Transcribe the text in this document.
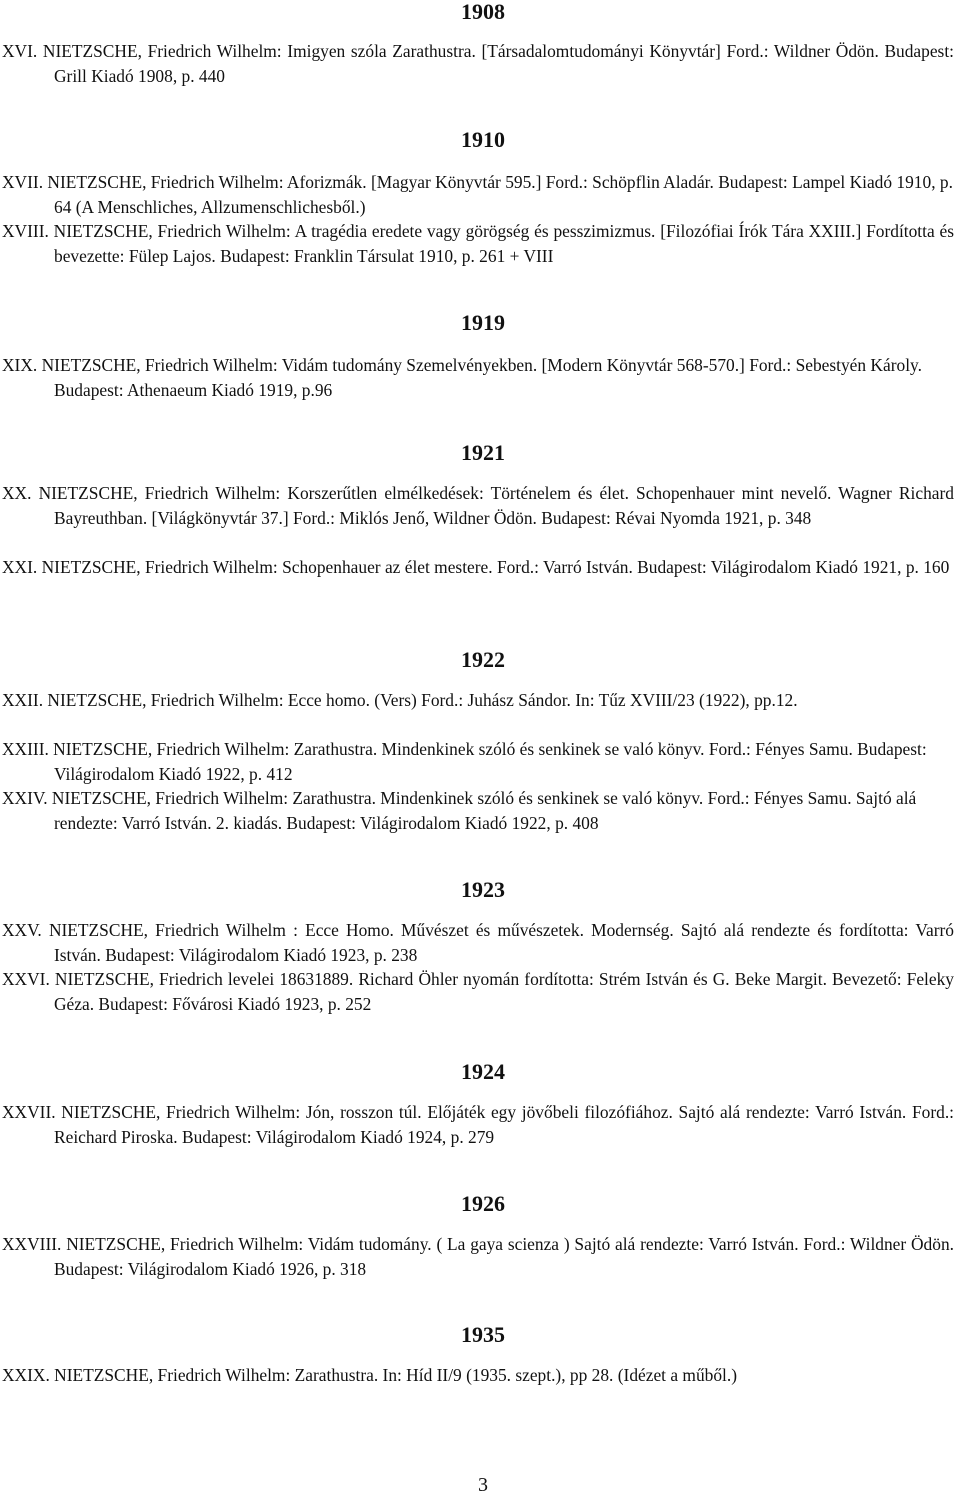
1908

XVI. NIETZSCHE, Friedrich Wilhelm: Imigyen szóla Zarathustra. [Társadalomtudományi Könyvtár] Ford.: Wildner Ödön. Budapest: Grill Kiadó 1908, p. 440

1910

XVII. NIETZSCHE, Friedrich Wilhelm: Aforizmák. [Magyar Könyvtár 595.] Ford.: Schöpflin Aladár. Budapest: Lampel Kiadó 1910, p. 64 (A Menschliches, Allzumenschlichesből.)

XVIII. NIETZSCHE, Friedrich Wilhelm: A tragédia eredete vagy görögség és pesszimizmus. [Filozófiai Írók Tára XXIII.] Fordította és bevezette: Fülep Lajos. Budapest: Franklin Társulat 1910, p. 261 + VIII

1919

XIX. NIETZSCHE, Friedrich Wilhelm: Vidám tudomány Szemelvényekben. [Modern Könyvtár 568-570.] Ford.: Sebestyén Károly. Budapest: Athenaeum Kiadó 1919, p.96

1921

XX. NIETZSCHE, Friedrich Wilhelm: Korszerűtlen elmélkedések: Történelem és élet. Schopenhauer mint nevelő. Wagner Richard Bayreuthban. [Világkönyvtár 37.] Ford.: Miklós Jenő, Wildner Ödön. Budapest: Révai Nyomda 1921, p. 348

XXI. NIETZSCHE, Friedrich Wilhelm: Schopenhauer az élet mestere. Ford.: Varró István. Budapest: Világirodalom Kiadó 1921, p. 160

1922

XXII. NIETZSCHE, Friedrich Wilhelm: Ecce homo. (Vers) Ford.: Juhász Sándor. In: Tűz XVIII/23 (1922), pp.12.

XXIII. NIETZSCHE, Friedrich Wilhelm: Zarathustra. Mindenkinek szóló és senkinek se való könyv. Ford.: Fényes Samu. Budapest: Világirodalom Kiadó 1922, p. 412

XXIV. NIETZSCHE, Friedrich Wilhelm: Zarathustra. Mindenkinek szóló és senkinek se való könyv. Ford.: Fényes Samu. Sajtó alá rendezte: Varró István. 2. kiadás. Budapest: Világirodalom Kiadó 1922, p. 408

1923

XXV. NIETZSCHE, Friedrich Wilhelm : Ecce Homo. Művészet és művészetek. Modernség. Sajtó alá rendezte és fordította: Varró István. Budapest: Világirodalom Kiadó 1923, p. 238

XXVI. NIETZSCHE, Friedrich levelei 18631889. Richard Öhler nyomán fordította: Strém István és G. Beke Margit. Bevezető: Feleky Géza. Budapest: Fővárosi Kiadó 1923, p. 252

1924

XXVII. NIETZSCHE, Friedrich Wilhelm: Jón, rosszon túl. Előjáték egy jövőbeli filozófiához. Sajtó alá rendezte: Varró István. Ford.: Reichard Piroska. Budapest: Világirodalom Kiadó 1924, p. 279

1926

XXVIII. NIETZSCHE, Friedrich Wilhelm: Vidám tudomány. ( La gaya scienza ) Sajtó alá rendezte: Varró István. Ford.: Wildner Ödön. Budapest: Világirodalom Kiadó 1926, p. 318

1935

XXIX. NIETZSCHE, Friedrich Wilhelm: Zarathustra. In: Híd II/9 (1935. szept.), pp 28. (Idézet a műből.)

3
